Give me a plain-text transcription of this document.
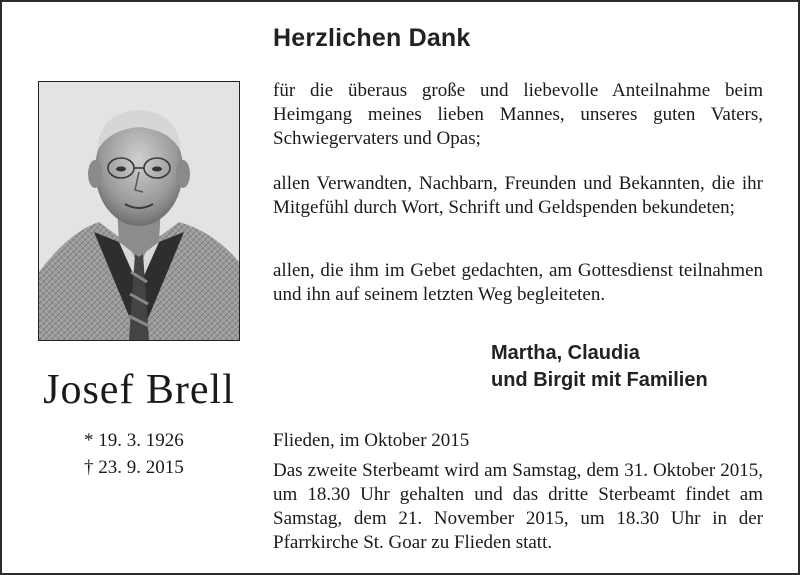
Josef Brell
* 19. 3. 1926
† 23. 9. 2015
Herzlichen Dank
für die überaus große und liebevolle Anteilnahme beim Heimgang meines lieben Mannes, unseres guten Vaters, Schwiegervaters und Opas;
allen Verwandten, Nachbarn, Freunden und Bekannten, die ihr Mitgefühl durch Wort, Schrift und Geldspenden bekundeten;
allen, die ihm im Gebet gedachten, am Gottesdienst teilnahmen und ihn auf seinem letzten Weg begleiteten.
Martha, Claudia
und Birgit mit Familien
Flieden, im Oktober 2015
Das zweite Sterbeamt wird am Samstag, dem 31. Oktober 2015, um 18.30 Uhr gehalten und das dritte Sterbeamt findet am Samstag, dem 21. November 2015, um 18.30 Uhr in der Pfarrkirche St. Goar zu Flieden statt.
